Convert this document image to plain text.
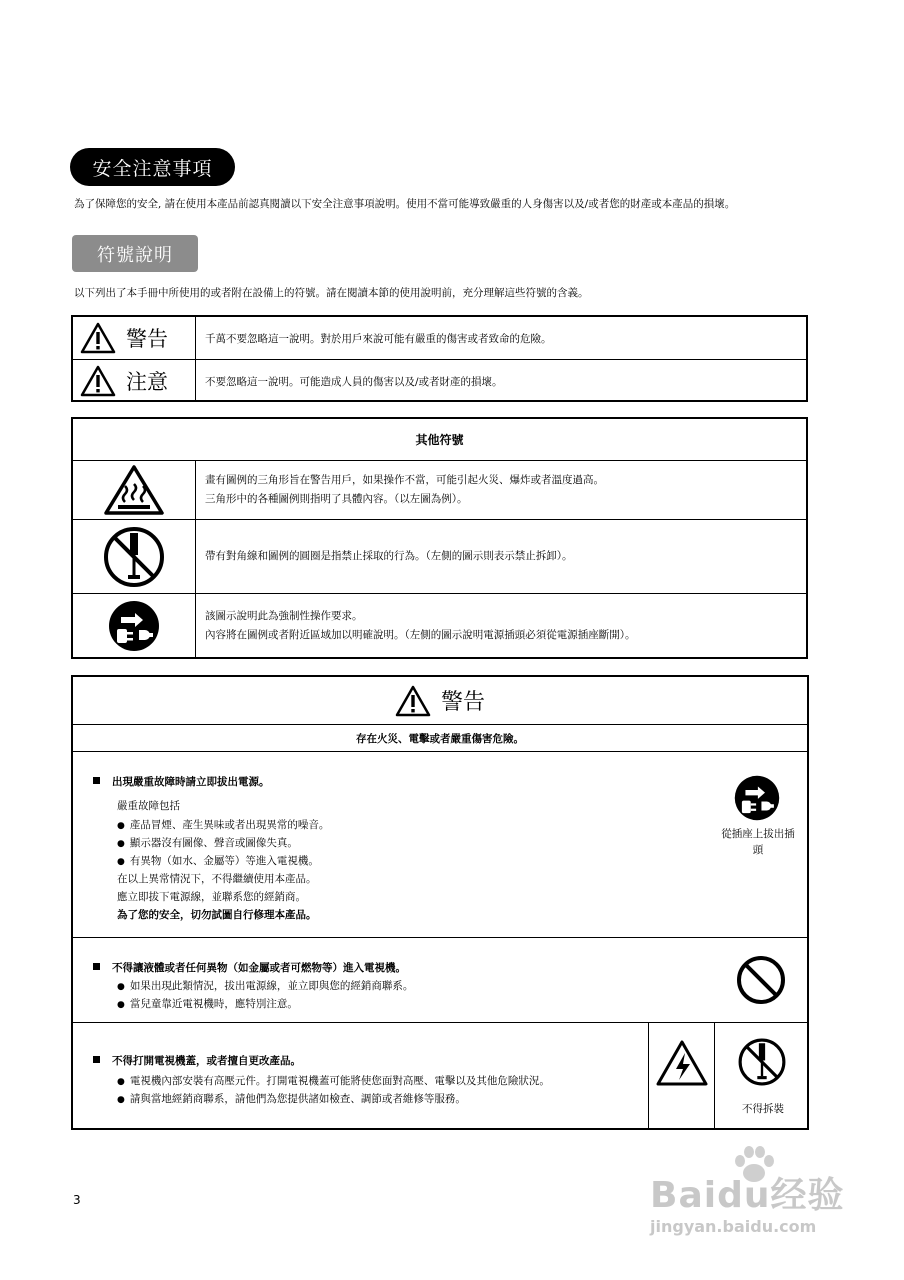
安全注意事項
為了保障您的安全, 請在使用本產品前認真閱讀以下安全注意事項說明。使用不當可能導致嚴重的人身傷害以及/或者您的財產或本產品的損壞。
符號說明
以下列出了本手冊中所使用的或者附在設備上的符號。請在閱讀本節的使用說明前，充分理解這些符號的含義。
警告	千萬不要忽略這一說明。對於用戶來說可能有嚴重的傷害或者致命的危險。
注意	不要忽略這一說明。可能造成人員的傷害以及/或者財產的損壞。
其他符號
畫有圖例的三角形旨在警告用戶，如果操作不當，可能引起火災、爆炸或者溫度過高。
三角形中的各種圖例則指明了具體內容。（以左圖為例）。
帶有對角線和圖例的圓圈是指禁止採取的行為。（左側的圖示則表示禁止拆卸）。
該圖示說明此為強制性操作要求。
內容將在圖例或者附近區域加以明確說明。（左側的圖示說明電源插頭必須從電源插座斷開）。
警告
存在火災、電擊或者嚴重傷害危險。
出現嚴重故障時請立即拔出電源。
嚴重故障包括
● 產品冒煙、產生異味或者出現異常的噪音。
● 顯示器沒有圖像、聲音或圖像失真。
● 有異物（如水、金屬等）等進入電視機。
在以上異常情況下，不得繼續使用本產品。
應立即拔下電源線，並聯系您的經銷商。
為了您的安全，切勿試圖自行修理本產品。
從插座上拔出插
頭
不得讓液體或者任何異物（如金屬或者可燃物等）進入電視機。
● 如果出現此類情況，拔出電源線，並立即與您的經銷商聯系。
● 當兒童靠近電視機時，應特別注意。
不得打開電視機蓋，或者擅自更改產品。
● 電視機內部安裝有高壓元件。打開電視機蓋可能將使您面對高壓、電擊以及其他危險狀況。
● 請與當地經銷商聯系，請他們為您提供諸如檢查、調節或者維修等服務。
不得拆裝
3	Baidu经验
jingyan.baidu.com
